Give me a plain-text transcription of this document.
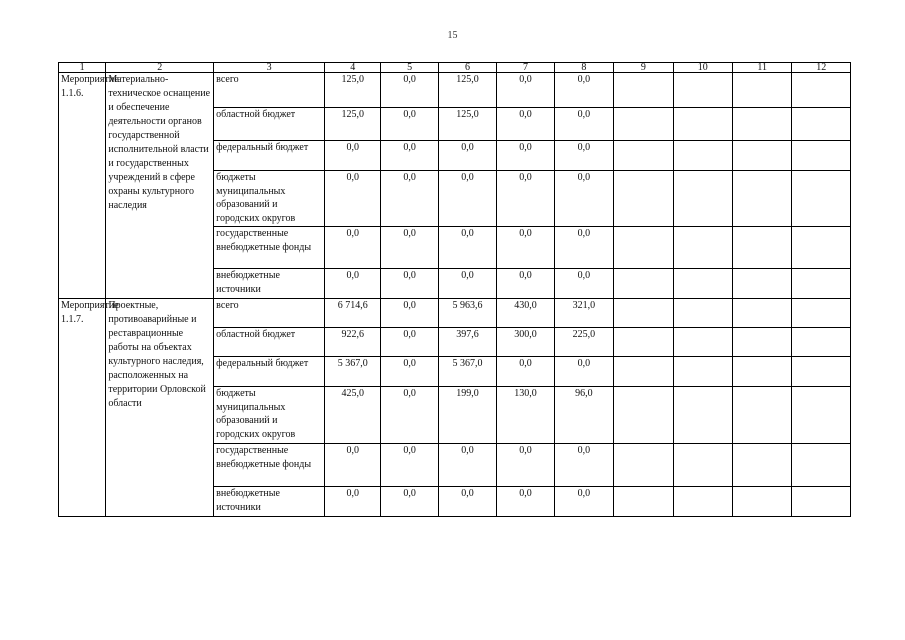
15
1	2	3	4	5	6	7	8	9	10	11	12
Мероприятие 1.1.6.	Материально-техническое оснащение и обеспечение деятельности органов государственной исполнительной власти и государственных учреждений в сфере охраны культурного наследия	всего	125,0	0,0	125,0	0,0	0,0				
		областной бюджет	125,0	0,0	125,0	0,0	0,0				
		федеральный бюджет	0,0	0,0	0,0	0,0	0,0				
		бюджеты муниципальных образований и городских округов	0,0	0,0	0,0	0,0	0,0				
		государственные внебюджетные фонды	0,0	0,0	0,0	0,0	0,0				
		внебюджетные источники	0,0	0,0	0,0	0,0	0,0				
Мероприятие 1.1.7.	Проектные, противоаварийные и реставрационные работы на объектах культурного наследия, расположенных на территории Орловской области	всего	6 714,6	0,0	5 963,6	430,0	321,0				
		областной бюджет	922,6	0,0	397,6	300,0	225,0				
		федеральный бюджет	5 367,0	0,0	5 367,0	0,0	0,0				
		бюджеты муниципальных образований и городских округов	425,0	0,0	199,0	130,0	96,0				
		государственные внебюджетные фонды	0,0	0,0	0,0	0,0	0,0				
		внебюджетные источники	0,0	0,0	0,0	0,0	0,0				
